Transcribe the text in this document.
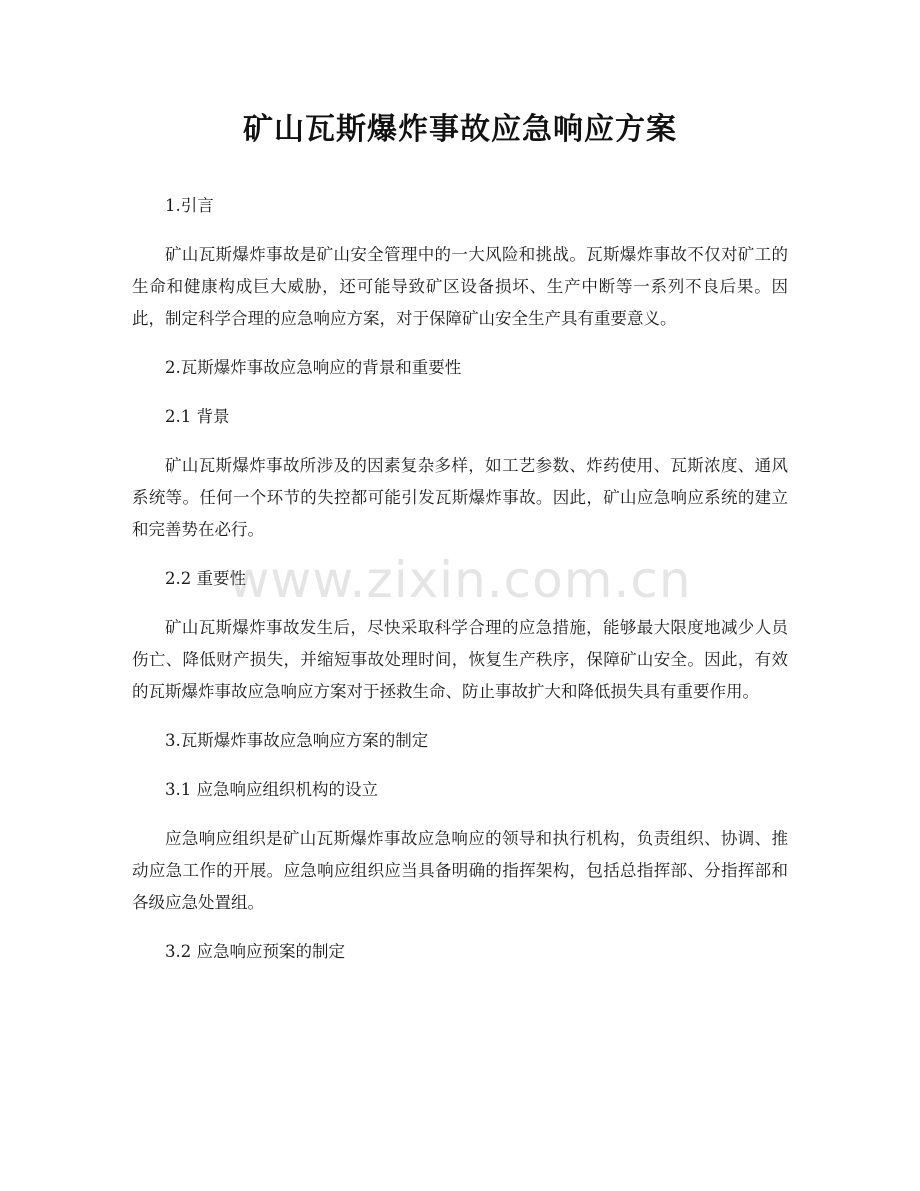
矿山瓦斯爆炸事故应急响应方案

1.引言

矿山瓦斯爆炸事故是矿山安全管理中的一大风险和挑战。瓦斯爆炸事故不仅对矿工的生命和健康构成巨大威胁，还可能导致矿区设备损坏、生产中断等一系列不良后果。因此，制定科学合理的应急响应方案，对于保障矿山安全生产具有重要意义。

2.瓦斯爆炸事故应急响应的背景和重要性

2.1 背景

矿山瓦斯爆炸事故所涉及的因素复杂多样，如工艺参数、炸药使用、瓦斯浓度、通风系统等。任何一个环节的失控都可能引发瓦斯爆炸事故。因此，矿山应急响应系统的建立和完善势在必行。

2.2 重要性

矿山瓦斯爆炸事故发生后，尽快采取科学合理的应急措施，能够最大限度地减少人员伤亡、降低财产损失，并缩短事故处理时间，恢复生产秩序，保障矿山安全。因此，有效的瓦斯爆炸事故应急响应方案对于拯救生命、防止事故扩大和降低损失具有重要作用。

3.瓦斯爆炸事故应急响应方案的制定

3.1 应急响应组织机构的设立

应急响应组织是矿山瓦斯爆炸事故应急响应的领导和执行机构，负责组织、协调、推动应急工作的开展。应急响应组织应当具备明确的指挥架构，包括总指挥部、分指挥部和各级应急处置组。

3.2 应急响应预案的制定

www.zixin.com.cn
